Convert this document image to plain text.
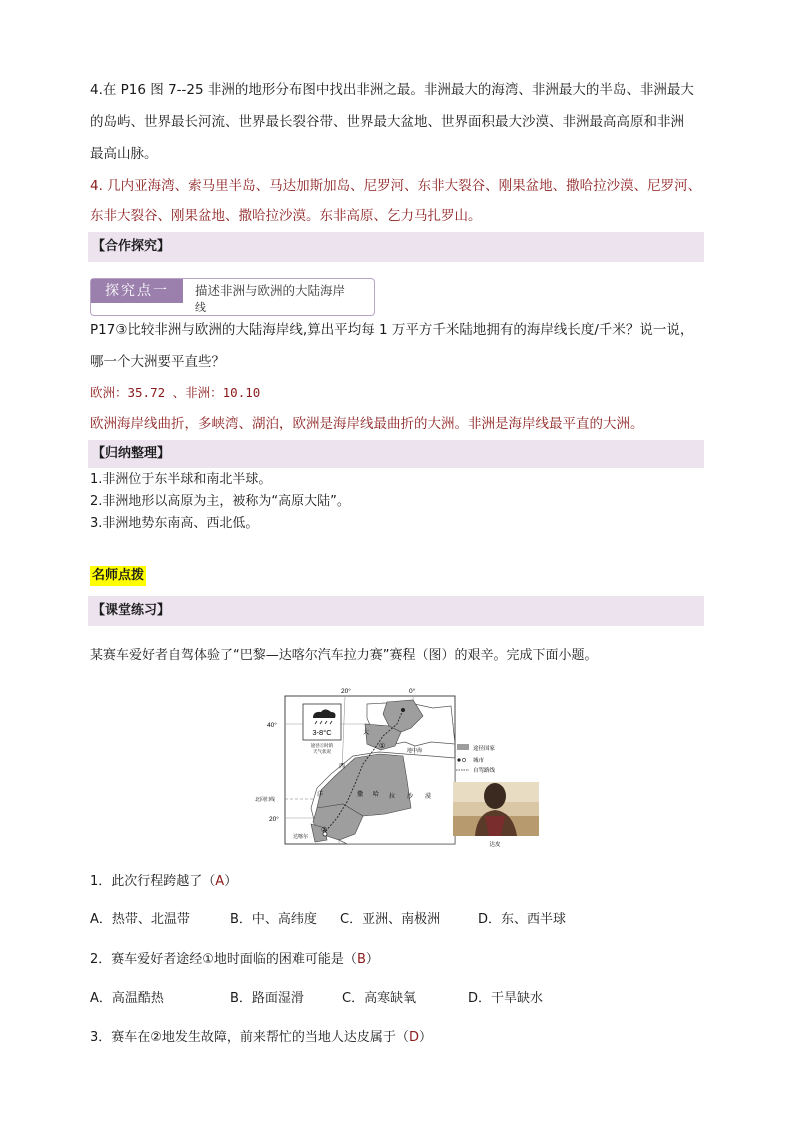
4.在 P16 图 7--25 非洲的地形分布图中找出非洲之最。非洲最大的海湾、非洲最大的半岛、非洲最大
的岛屿、世界最长河流、世界最长裂谷带、世界最大盆地、世界面积最大沙漠、非洲最高高原和非洲
最高山脉。
4. 几内亚海湾、索马里半岛、马达加斯加岛、尼罗河、东非大裂谷、刚果盆地、撒哈拉沙漠、尼罗河、
东非大裂谷、刚果盆地、撒哈拉沙漠。东非高原、乞力马扎罗山。
【合作探究】
探究点一	描述非洲与欧洲的大陆海岸
线
P17③比较非洲与欧洲的大陆海岸线,算出平均每 1 万平方千米陆地拥有的海岸线长度/千米？说一说，
哪一个大洲要平直些？
欧洲：35.72 、非洲：10.10
欧洲海岸线曲折，多峡湾、湖泊，欧洲是海岸线最曲折的大洲。非洲是海岸线最平直的大洲。
【归纳整理】
1.非洲位于东半球和南北半球。
2.非洲地形以高原为主，被称为“高原大陆”。
3.非洲地势东南高、西北低。
名师点拨
【课堂练习】
某赛车爱好者自驾体验了“巴黎—达喀尔汽车拉力赛”赛程（图）的艰辛。完成下面小题。
3-8°C
途径①时的
天气状况
20°	0°
40°
20°
北回归线
大
西
洋
地中海
撒 哈 拉 沙 漠
达喀尔
①
②
途径国家
城市
自驾路线
达皮
1．此次行程跨越了（A）
A．热带、北温带	B．中、高纬度 C．亚洲、南极洲	D．东、西半球
2．赛车爱好者途经①地时面临的困难可能是（B）
A．高温酷热	B．路面湿滑	C．高寒缺氧	D．干旱缺水
3．赛车在②地发生故障，前来帮忙的当地人达皮属于（D）
